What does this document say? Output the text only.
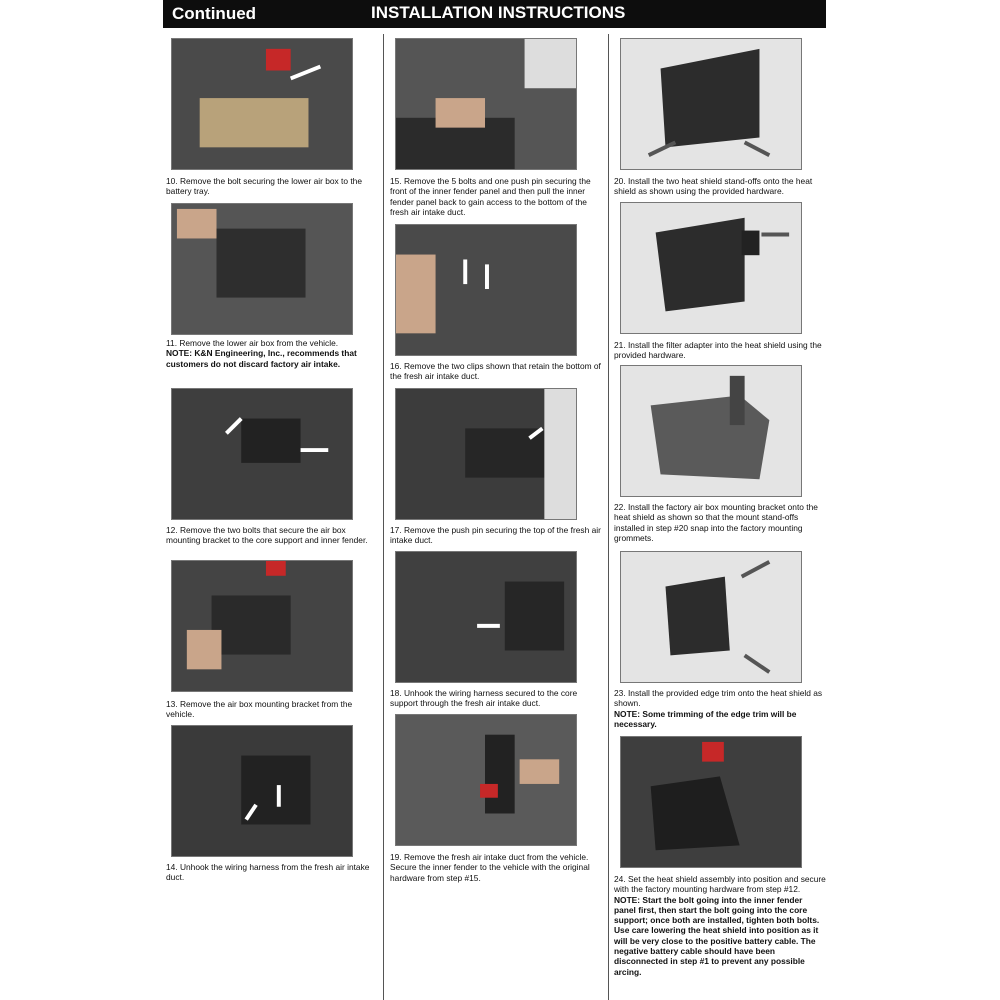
Continued	INSTALLATION INSTRUCTIONS
10. Remove the bolt securing the lower air box to the battery tray.
11. Remove the lower air box from the vehicle.
NOTE: K&N Engineering, Inc., recommends that customers do not discard factory air intake.
12. Remove the two bolts that secure the air box mounting bracket to the core support and inner fender.
13. Remove the air box mounting bracket from the vehicle.
14. Unhook the wiring harness from the fresh air intake duct.
15. Remove the 5 bolts and one push pin securing the front of the inner fender panel and then pull the inner fender panel back to gain access to the bottom of the fresh air intake duct.
16. Remove the two clips shown that retain the bottom of the fresh air intake duct.
17. Remove the push pin securing the top of the fresh air intake duct.
18. Unhook the wiring harness secured to the core support through the fresh air intake duct.
19. Remove the fresh air intake duct from the vehicle. Secure the inner fender to the vehicle with the original hardware from step #15.
20. Install the two heat shield stand-offs onto the heat shield as shown using the provided hardware.
21. Install the filter adapter into the heat shield using the provided hardware.
22. Install the factory air box mounting bracket onto the heat shield as shown so that the mount stand-offs installed in step #20 snap into the factory mounting grommets.
23. Install the provided edge trim onto the heat shield as shown.
NOTE: Some trimming of the edge trim will be necessary.
24. Set the heat shield assembly into position and secure with the factory mounting hardware from step #12.
NOTE: Start the bolt going into the inner fender panel first, then start the bolt going into the core support; once both are installed, tighten both bolts. Use care lowering the heat shield into position as it will be very close to the positive battery cable. The negative battery cable should have been disconnected in step #1 to prevent any possible arcing.
